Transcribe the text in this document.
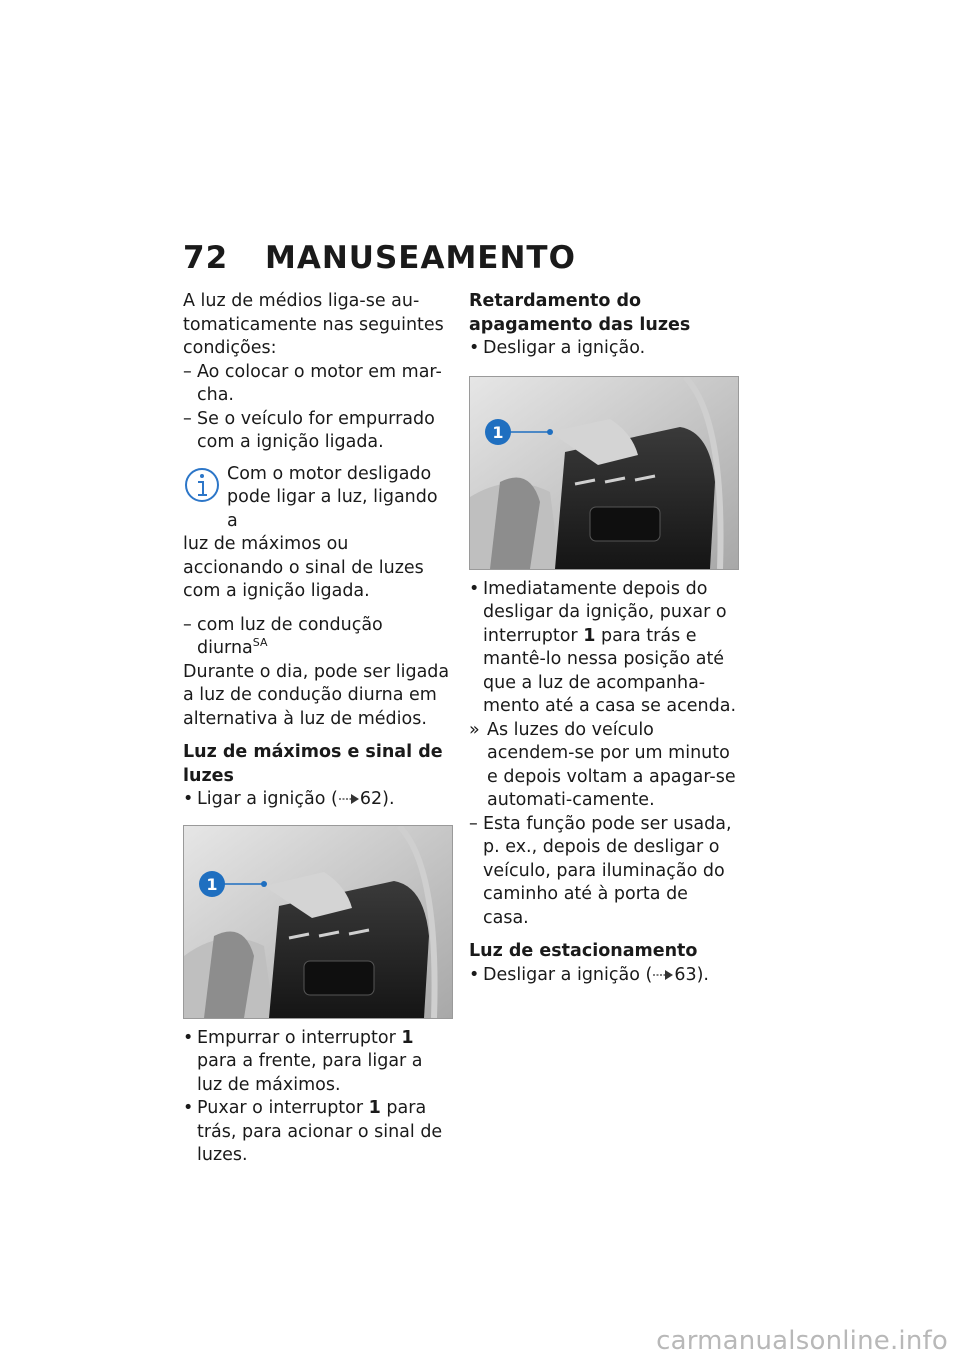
72 MANUSEAMENTO

A luz de médios liga-se au-tomaticamente nas seguintes condições:

– Ao colocar o motor em mar-cha.

– Se o veículo for empurrado com a ignição ligada.

Com o motor desligado

pode ligar a luz, ligando a

luz de máximos ou accionando o sinal de luzes com a ignição ligada.

– com luz de condução diurna$^{SA}$

Durante o dia, pode ser ligada a luz de condução diurna em alternativa à luz de médios.

Luz de máximos e sinal de luzes

• Ligar a ignição ( 62).

1

• Empurrar o interruptor 1 para a frente, para ligar a luz de máximos.

• Puxar o interruptor 1 para trás, para acionar o sinal de luzes.

Retardamento do apagamento das luzes

• Desligar a ignição.

1

• Imediatamente depois do desligar da ignição, puxar o interruptor 1 para trás e mantê-lo nessa posição até que a luz de acompanha-mento até a casa se acenda.

» As luzes do veículo acendem-se por um minuto e depois voltam a apagar-se automati-camente.

– Esta função pode ser usada, p. ex., depois de desligar o veículo, para iluminação do caminho até à porta de casa.

Luz de estacionamento

• Desligar a ignição ( 63).

carmanualsonline.info
